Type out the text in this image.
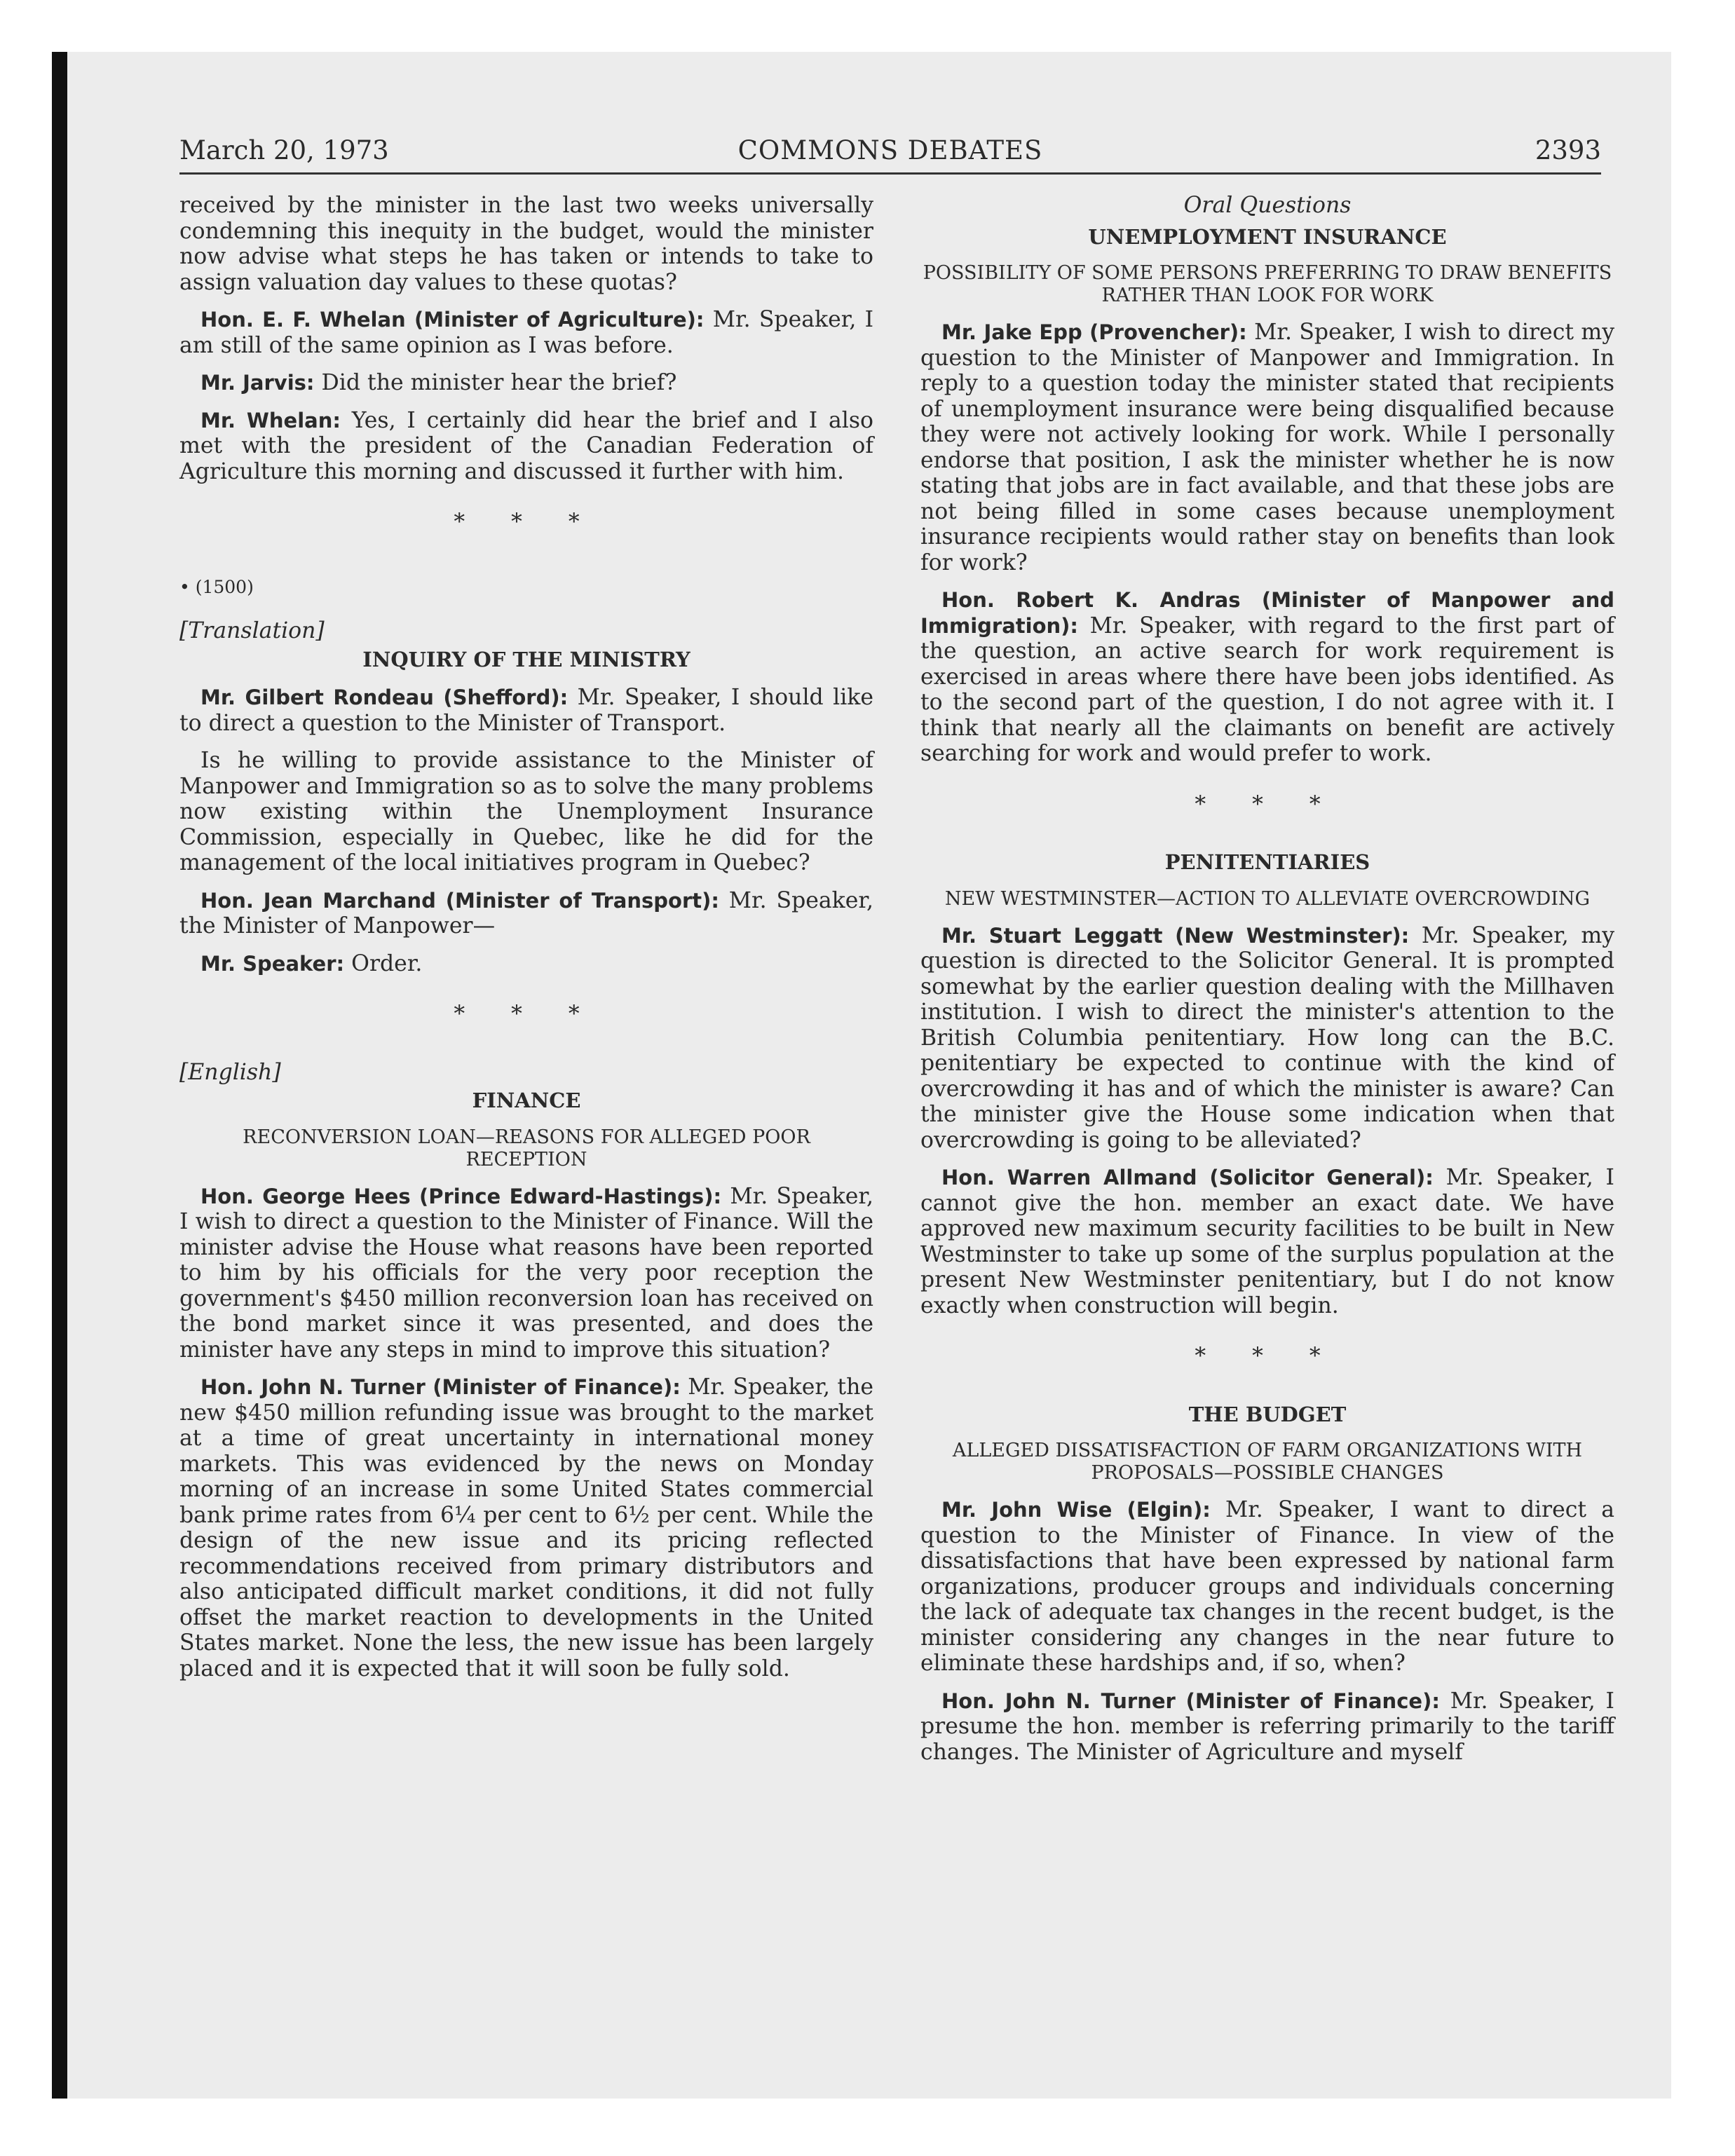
March 20, 1973	COMMONS DEBATES	2393

received by the minister in the last two weeks universally condemning this inequity in the budget, would the minister now advise what steps he has taken or intends to take to assign valuation day values to these quotas?

Hon. E. F. Whelan (Minister of Agriculture): Mr. Speaker, I am still of the same opinion as I was before.

Mr. Jarvis: Did the minister hear the brief?

Mr. Whelan: Yes, I certainly did hear the brief and I also met with the president of the Canadian Federation of Agriculture this morning and discussed it further with him.

* * *
• (1500)
[Translation]
INQUIRY OF THE MINISTRY

Mr. Gilbert Rondeau (Shefford): Mr. Speaker, I should like to direct a question to the Minister of Transport.

Is he willing to provide assistance to the Minister of Manpower and Immigration so as to solve the many problems now existing within the Unemployment Insurance Commission, especially in Quebec, like he did for the management of the local initiatives program in Quebec?

Hon. Jean Marchand (Minister of Transport): Mr. Speaker, the Minister of Manpower—

Mr. Speaker: Order.

* * *
[English]
FINANCE
RECONVERSION LOAN—REASONS FOR ALLEGED POOR RECEPTION

Hon. George Hees (Prince Edward-Hastings): Mr. Speaker, I wish to direct a question to the Minister of Finance. Will the minister advise the House what reasons have been reported to him by his officials for the very poor reception the government's $450 million reconversion loan has received on the bond market since it was presented, and does the minister have any steps in mind to improve this situation?

Hon. John N. Turner (Minister of Finance): Mr. Speaker, the new $450 million refunding issue was brought to the market at a time of great uncertainty in international money markets. This was evidenced by the news on Monday morning of an increase in some United States commercial bank prime rates from 6¼ per cent to 6½ per cent. While the design of the new issue and its pricing reflected recommendations received from primary distributors and also anticipated difficult market conditions, it did not fully offset the market reaction to developments in the United States market. None the less, the new issue has been largely placed and it is expected that it will soon be fully sold.

Oral Questions
UNEMPLOYMENT INSURANCE
POSSIBILITY OF SOME PERSONS PREFERRING TO DRAW BENEFITS RATHER THAN LOOK FOR WORK

Mr. Jake Epp (Provencher): Mr. Speaker, I wish to direct my question to the Minister of Manpower and Immigration. In reply to a question today the minister stated that recipients of unemployment insurance were being disqualified because they were not actively looking for work. While I personally endorse that position, I ask the minister whether he is now stating that jobs are in fact available, and that these jobs are not being filled in some cases because unemployment insurance recipients would rather stay on benefits than look for work?

Hon. Robert K. Andras (Minister of Manpower and Immigration): Mr. Speaker, with regard to the first part of the question, an active search for work requirement is exercised in areas where there have been jobs identified. As to the second part of the question, I do not agree with it. I think that nearly all the claimants on benefit are actively searching for work and would prefer to work.

* * *
PENITENTIARIES
NEW WESTMINSTER—ACTION TO ALLEVIATE OVERCROWDING

Mr. Stuart Leggatt (New Westminster): Mr. Speaker, my question is directed to the Solicitor General. It is prompted somewhat by the earlier question dealing with the Millhaven institution. I wish to direct the minister's attention to the British Columbia penitentiary. How long can the B.C. penitentiary be expected to continue with the kind of overcrowding it has and of which the minister is aware? Can the minister give the House some indication when that overcrowding is going to be alleviated?

Hon. Warren Allmand (Solicitor General): Mr. Speaker, I cannot give the hon. member an exact date. We have approved new maximum security facilities to be built in New Westminster to take up some of the surplus population at the present New Westminster penitentiary, but I do not know exactly when construction will begin.

* * *
THE BUDGET
ALLEGED DISSATISFACTION OF FARM ORGANIZATIONS WITH PROPOSALS—POSSIBLE CHANGES

Mr. John Wise (Elgin): Mr. Speaker, I want to direct a question to the Minister of Finance. In view of the dissatisfactions that have been expressed by national farm organizations, producer groups and individuals concerning the lack of adequate tax changes in the recent budget, is the minister considering any changes in the near future to eliminate these hardships and, if so, when?

Hon. John N. Turner (Minister of Finance): Mr. Speaker, I presume the hon. member is referring primarily to the tariff changes. The Minister of Agriculture and myself
